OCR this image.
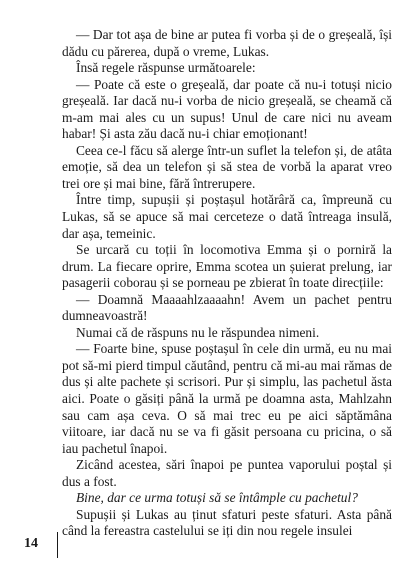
— Dar tot așa de bine ar putea fi vorba și de o greșeală, își dădu cu părerea, după o vreme, Lukas.

Însă regele răspunse următoarele:

— Poate că este o greșeală, dar poate că nu-i totuși nicio greșeală. Iar dacă nu-i vorba de nicio greșeală, se cheamă că m-am mai ales cu un supus! Unul de care nici nu aveam habar! Și asta zău dacă nu-i chiar emoționant!

Ceea ce-l făcu să alerge într-un suflet la telefon și, de atâta emoție, să dea un telefon și să stea de vorbă la aparat vreo trei ore și mai bine, fără întrerupere.

Între timp, supușii și poștașul hotărâră ca, împreună cu Lukas, să se apuce să mai cerceteze o dată întreaga insulă, dar așa, temeinic.

Se urcară cu toții în locomotiva Emma și o porniră la drum. La fiecare oprire, Emma scotea un șuierat prelung, iar pasagerii coborau și se porneau pe zbierat în toate direcțiile:

— Doamnă Maaaahlzaaaahn! Avem un pachet pentru dumneavoastră!

Numai că de răspuns nu le răspundea nimeni.

— Foarte bine, spuse poștașul în cele din urmă, eu nu mai pot să-mi pierd timpul căutând, pentru că mi-au mai rămas de dus și alte pachete și scrisori. Pur și simplu, las pachetul ăsta aici. Poate o găsiți până la urmă pe doamna asta, Mahlzahn sau cam așa ceva. O să mai trec eu pe aici săptămâna viitoare, iar dacă nu se va fi găsit persoana cu pricina, o să iau pachetul înapoi.

Zicând acestea, sări înapoi pe puntea vaporului poștal și dus a fost.

Bine, dar ce urma totuși să se întâmple cu pachetul?

Supușii și Lukas au ținut sfaturi peste sfaturi. Asta până când la fereastra castelului se iți din nou regele insulei

14
